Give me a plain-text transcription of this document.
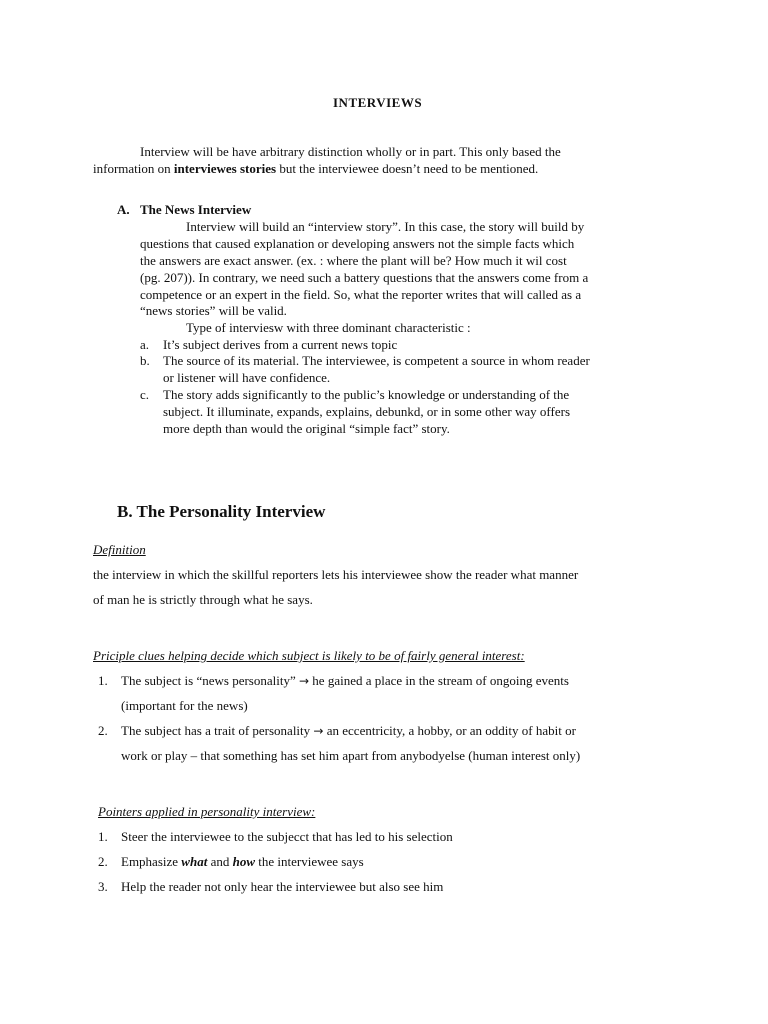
INTERVIEWS
Interview will be have arbitrary distinction wholly or in part. This only based the
information on interviewes stories but the interviewee doesn’t need to be mentioned.
A. The News Interview
Interview will build an “interview story”. In this case, the story will build by
questions that caused explanation or developing answers not the simple facts which
the answers are exact answer. (ex. : where the plant will be? How much it wil cost
(pg. 207)). In contrary, we need such a battery questions that the answers come from a
competence or an expert in the field. So, what the reporter writes that will called as a
“news stories” will be valid.
Type of interviesw with three dominant characteristic :
a. It’s subject derives from a current news topic
b. The source of its material. The interviewee, is competent a source in whom reader
or listener will have confidence.
c. The story adds significantly to the public’s knowledge or understanding of the
subject. It illuminate, expands, explains, debunkd, or in some other way offers
more depth than would the original “simple fact” story.
B. The Personality Interview
Definition
the interview in which the skillful reporters lets his interviewee show the reader what manner
of man he is strictly through what he says.
Priciple clues helping decide which subject is likely to be of fairly general interest:
1. The subject is “news personality” → he gained a place in the stream of ongoing events
(important for the news)
2. The subject has a trait of personality → an eccentricity, a hobby, or an oddity of habit or
work or play – that something has set him apart from anybodyelse (human interest only)
Pointers applied in personality interview:
1. Steer the interviewee to the subjecct that has led to his selection
2. Emphasize what and how the interviewee says
3. Help the reader not only hear the interviewee but also see him
